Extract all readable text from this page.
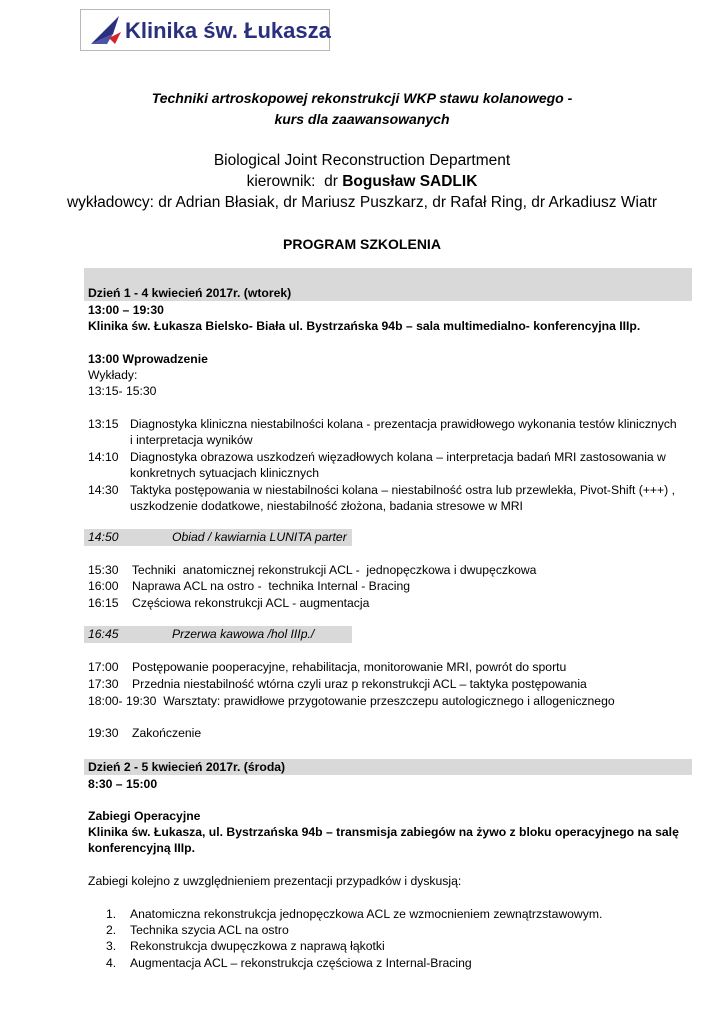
Klinika św. Łukasza
Techniki artroskopowej rekonstrukcji WKP stawu kolanowego -
kurs dla zaawansowanych
Biological Joint Reconstruction Department
kierownik:  dr Bogusław SADLIK
wykładowcy: dr Adrian Błasiak, dr Mariusz Puszkarz, dr Rafał Ring, dr Arkadiusz Wiatr
PROGRAM SZKOLENIA
Dzień 1 - 4 kwiecień 2017r. (wtorek)
13:00 – 19:30
Klinika św. Łukasza Bielsko- Biała ul. Bystrzańska 94b – sala multimedialno- konferencyjna IIIp.
13:00 Wprowadzenie
Wykłady:
13:15- 15:30
13:15 Diagnostyka kliniczna niestabilności kolana - prezentacja prawidłowego wykonania testów klinicznych
i interpretacja wyników
14:10 Diagnostyka obrazowa uszkodzeń więzadłowych kolana – interpretacja badań MRI zastosowania w
konkretnych sytuacjach klinicznych
14:30 Taktyka postępowania w niestabilności kolana – niestabilność ostra lub przewlekła, Pivot-Shift (+++) ,
uszkodzenie dodatkowe, niestabilność złożona, badania stresowe w MRI
14:50	Obiad / kawiarnia LUNITA parter
15:30    Techniki  anatomicznej rekonstrukcji ACL -  jednopęczkowa i dwupęczkowa
16:00    Naprawa ACL na ostro -  technika Internal - Bracing
16:15    Częściowa rekonstrukcji ACL - augmentacja
16:45	Przerwa kawowa /hol IIIp./
17:00    Postępowanie pooperacyjne, rehabilitacja, monitorowanie MRI, powrót do sportu
17:30    Przednia niestabilność wtórna czyli uraz p rekonstrukcji ACL – taktyka postępowania
18:00- 19:30  Warsztaty: prawidłowe przygotowanie przeszczepu autologicznego i allogenicznego
19:30    Zakończenie
Dzień 2 - 5 kwiecień 2017r. (środa)
8:30 – 15:00
Zabiegi Operacyjne
Klinika św. Łukasza, ul. Bystrzańska 94b – transmisja zabiegów na żywo z bloku operacyjnego na salę
konferencyjną IIIp.
Zabiegi kolejno z uwzględnieniem prezentacji przypadków i dyskusją:
1. Anatomiczna rekonstrukcja jednopęczkowa ACL ze wzmocnieniem zewnątrzstawowym.
2. Technika szycia ACL na ostro
3. Rekonstrukcja dwupęczkowa z naprawą łąkotki
4. Augmentacja ACL – rekonstrukcja częściowa z Internal-Bracing
